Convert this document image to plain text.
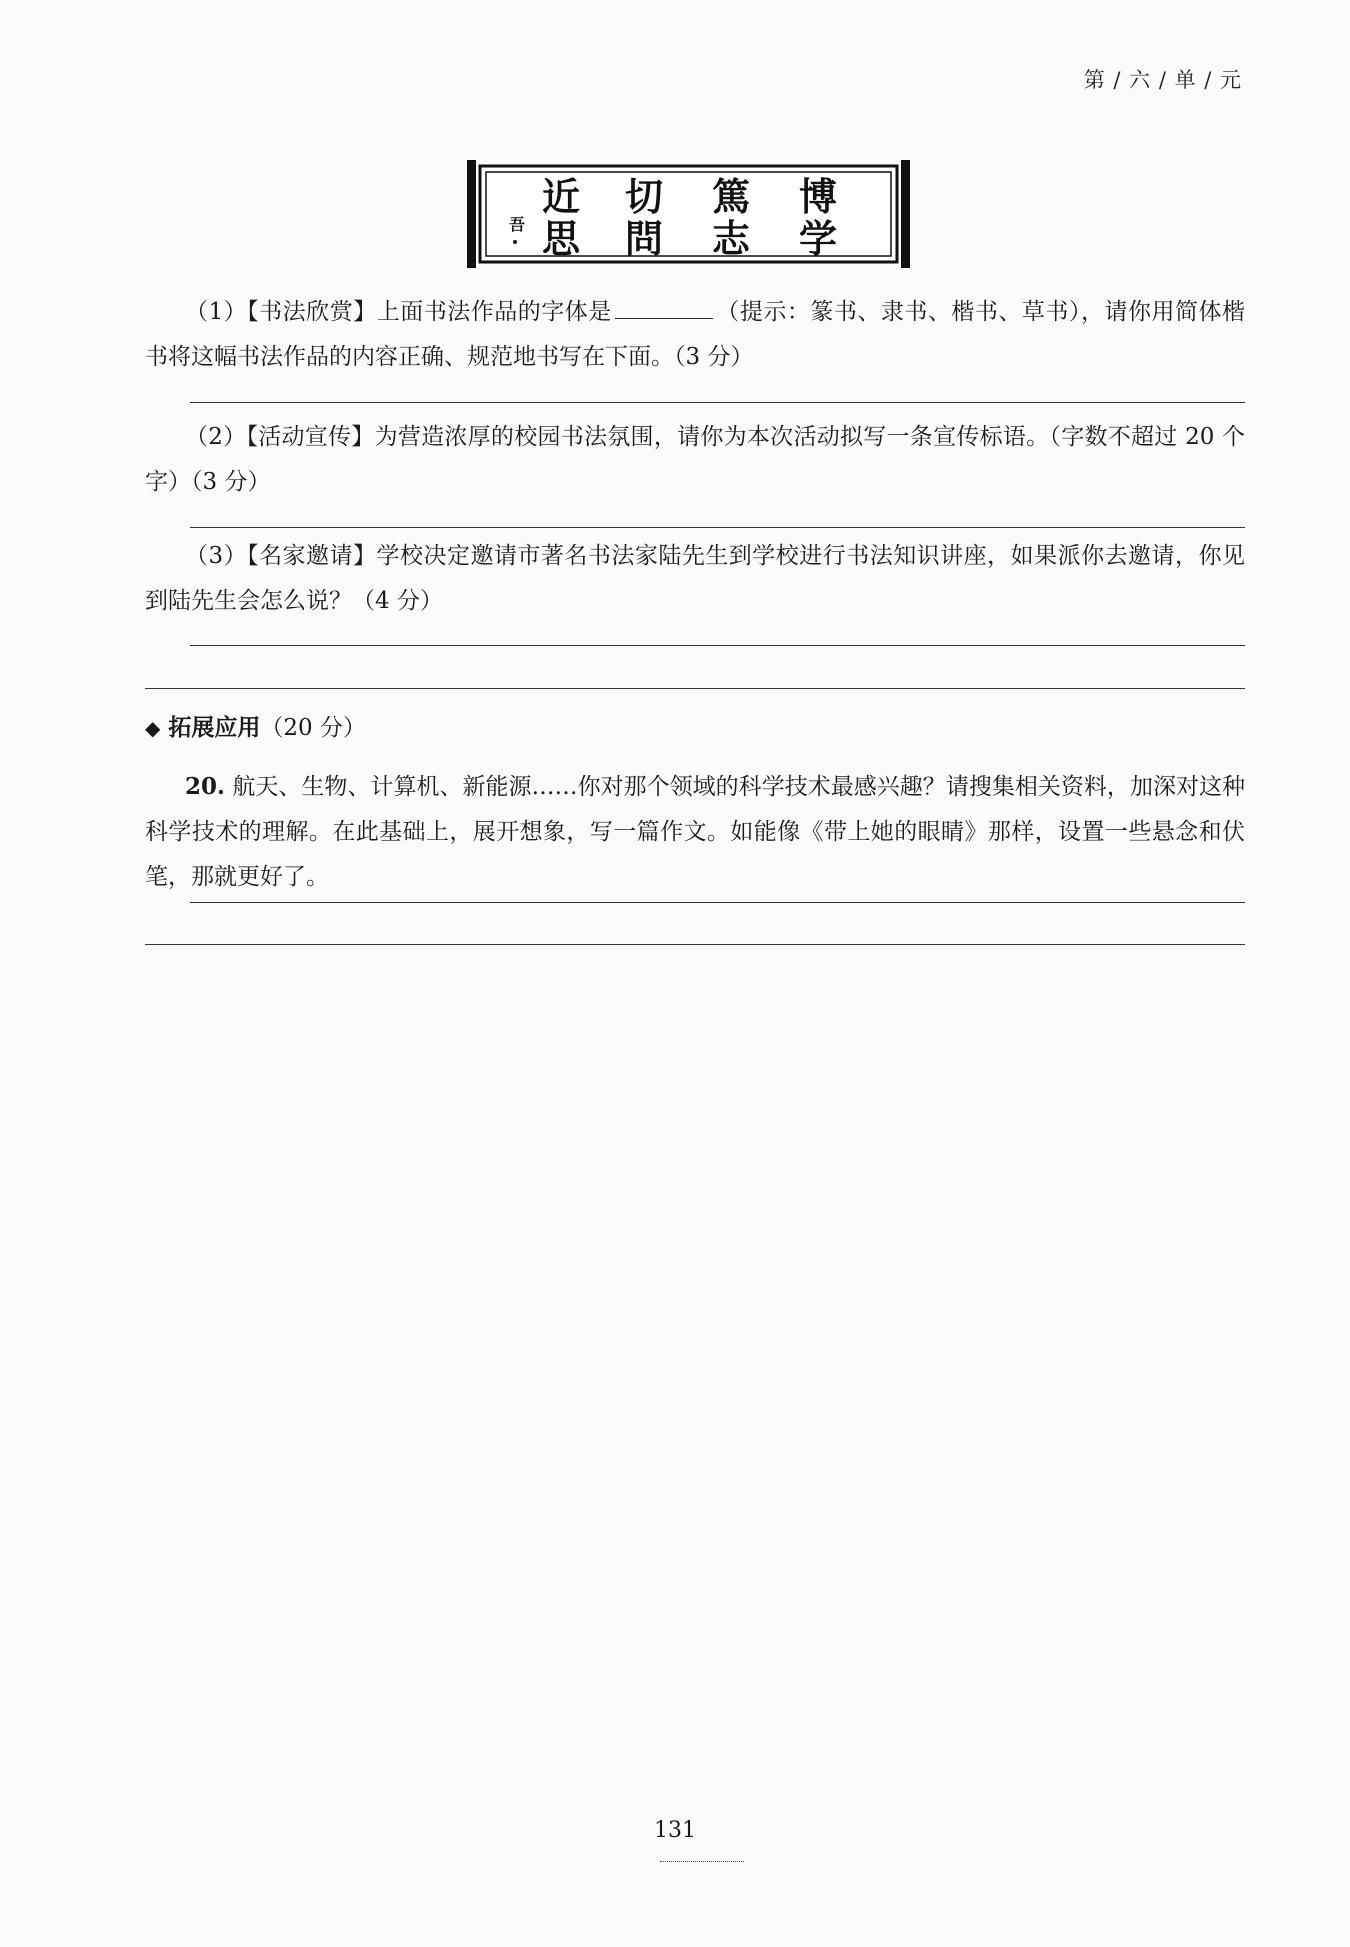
第 / 六 / 单 / 元
吾
近 切 篤 博
思 問 志 学
（1）【书法欣赏】上面书法作品的字体是	（提示：篆书、隶书、楷书、草书），请你用简体楷书将这幅书法作品的内容正确、规范地书写在下面。（3 分）
（2）【活动宣传】为营造浓厚的校园书法氛围，请你为本次活动拟写一条宣传标语。（字数不超过 20 个字）（3 分）
（3）【名家邀请】学校决定邀请市著名书法家陆先生到学校进行书法知识讲座，如果派你去邀请，你见到陆先生会怎么说？（4 分）
◆ 拓展应用（20 分）
20. 航天、生物、计算机、新能源……你对那个领域的科学技术最感兴趣？请搜集相关资料，加深对这种科学技术的理解。在此基础上，展开想象，写一篇作文。如能像《带上她的眼睛》那样，设置一些悬念和伏笔，那就更好了。
131
